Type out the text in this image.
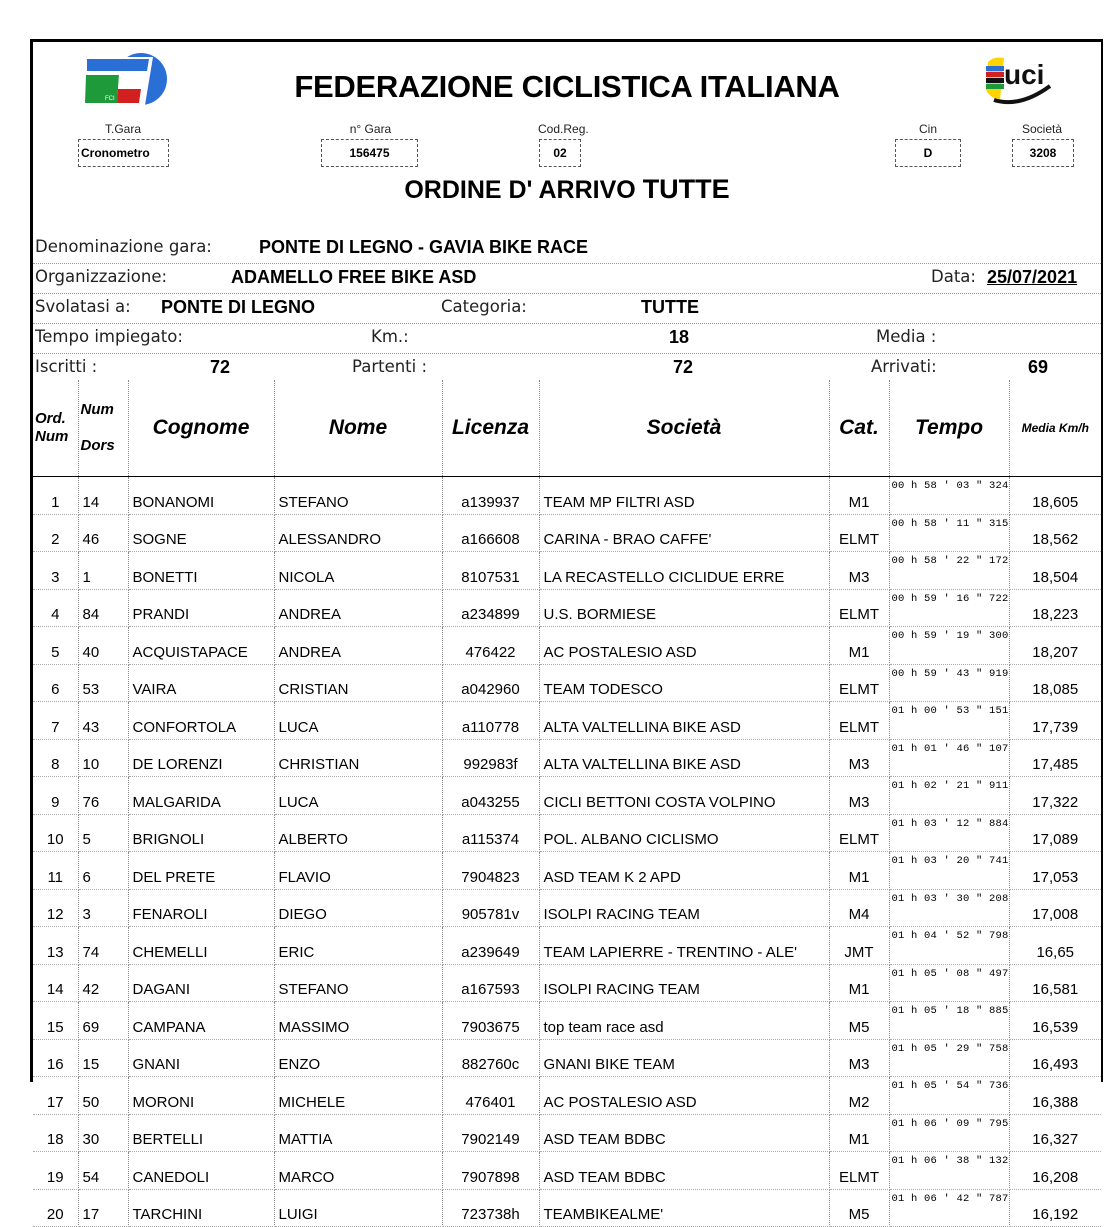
FCI	FEDERAZIONE CICLISTICA ITALIANA	uci
T.Gara
Cronometro
n° Gara
156475
Cod.Reg.
02
Cin
D
Società
3208
ORDINE D' ARRIVO TUTTE
Denominazione gara:	PONTE DI LEGNO - GAVIA BIKE RACE
Organizzazione:	ADAMELLO FREE BIKE ASD	Data: 25/07/2021
Svolatasi a: PONTE DI LEGNO	Categoria:	TUTTE
Tempo impiegato:	Km.:	18	Media :
Iscritti :	72	Partenti :	72	Arrivati:	69
Ord.
Num	Num

Dors	Cognome	Nome	Licenza	Società	Cat.	Tempo	Media Km/h
1	14	BONANOMI	STEFANO	a139937	TEAM MP FILTRI ASD	M1	00 h 58 ' 03 " 324	18,605
2	46	SOGNE	ALESSANDRO	a166608	CARINA - BRAO CAFFE'	ELMT	00 h 58 ' 11 " 315	18,562
3	1	BONETTI	NICOLA	8107531	LA RECASTELLO CICLIDUE ERRE	M3	00 h 58 ' 22 " 172	18,504
4	84	PRANDI	ANDREA	a234899	U.S. BORMIESE	ELMT	00 h 59 ' 16 " 722	18,223
5	40	ACQUISTAPACE	ANDREA	476422	AC POSTALESIO ASD	M1	00 h 59 ' 19 " 300	18,207
6	53	VAIRA	CRISTIAN	a042960	TEAM TODESCO	ELMT	00 h 59 ' 43 " 919	18,085
7	43	CONFORTOLA	LUCA	a110778	ALTA VALTELLINA BIKE ASD	ELMT	01 h 00 ' 53 " 151	17,739
8	10	DE LORENZI	CHRISTIAN	992983f	ALTA VALTELLINA BIKE ASD	M3	01 h 01 ' 46 " 107	17,485
9	76	MALGARIDA	LUCA	a043255	CICLI BETTONI COSTA VOLPINO	M3	01 h 02 ' 21 " 911	17,322
10	5	BRIGNOLI	ALBERTO	a115374	POL. ALBANO CICLISMO	ELMT	01 h 03 ' 12 " 884	17,089
11	6	DEL PRETE	FLAVIO	7904823	ASD TEAM K 2 APD	M1	01 h 03 ' 20 " 741	17,053
12	3	FENAROLI	DIEGO	905781v	ISOLPI RACING TEAM	M4	01 h 03 ' 30 " 208	17,008
13	74	CHEMELLI	ERIC	a239649	TEAM LAPIERRE - TRENTINO - ALE'	JMT	01 h 04 ' 52 " 798	16,65
14	42	DAGANI	STEFANO	a167593	ISOLPI RACING TEAM	M1	01 h 05 ' 08 " 497	16,581
15	69	CAMPANA	MASSIMO	7903675	top team race asd	M5	01 h 05 ' 18 " 885	16,539
16	15	GNANI	ENZO	882760c	GNANI BIKE TEAM	M3	01 h 05 ' 29 " 758	16,493
17	50	MORONI	MICHELE	476401	AC POSTALESIO ASD	M2	01 h 05 ' 54 " 736	16,388
18	30	BERTELLI	MATTIA	7902149	ASD TEAM BDBC	M1	01 h 06 ' 09 " 795	16,327
19	54	CANEDOLI	MARCO	7907898	ASD TEAM BDBC	ELMT	01 h 06 ' 38 " 132	16,208
20	17	TARCHINI	LUIGI	723738h	TEAMBIKEALME'	M5	01 h 06 ' 42 " 787	16,192
